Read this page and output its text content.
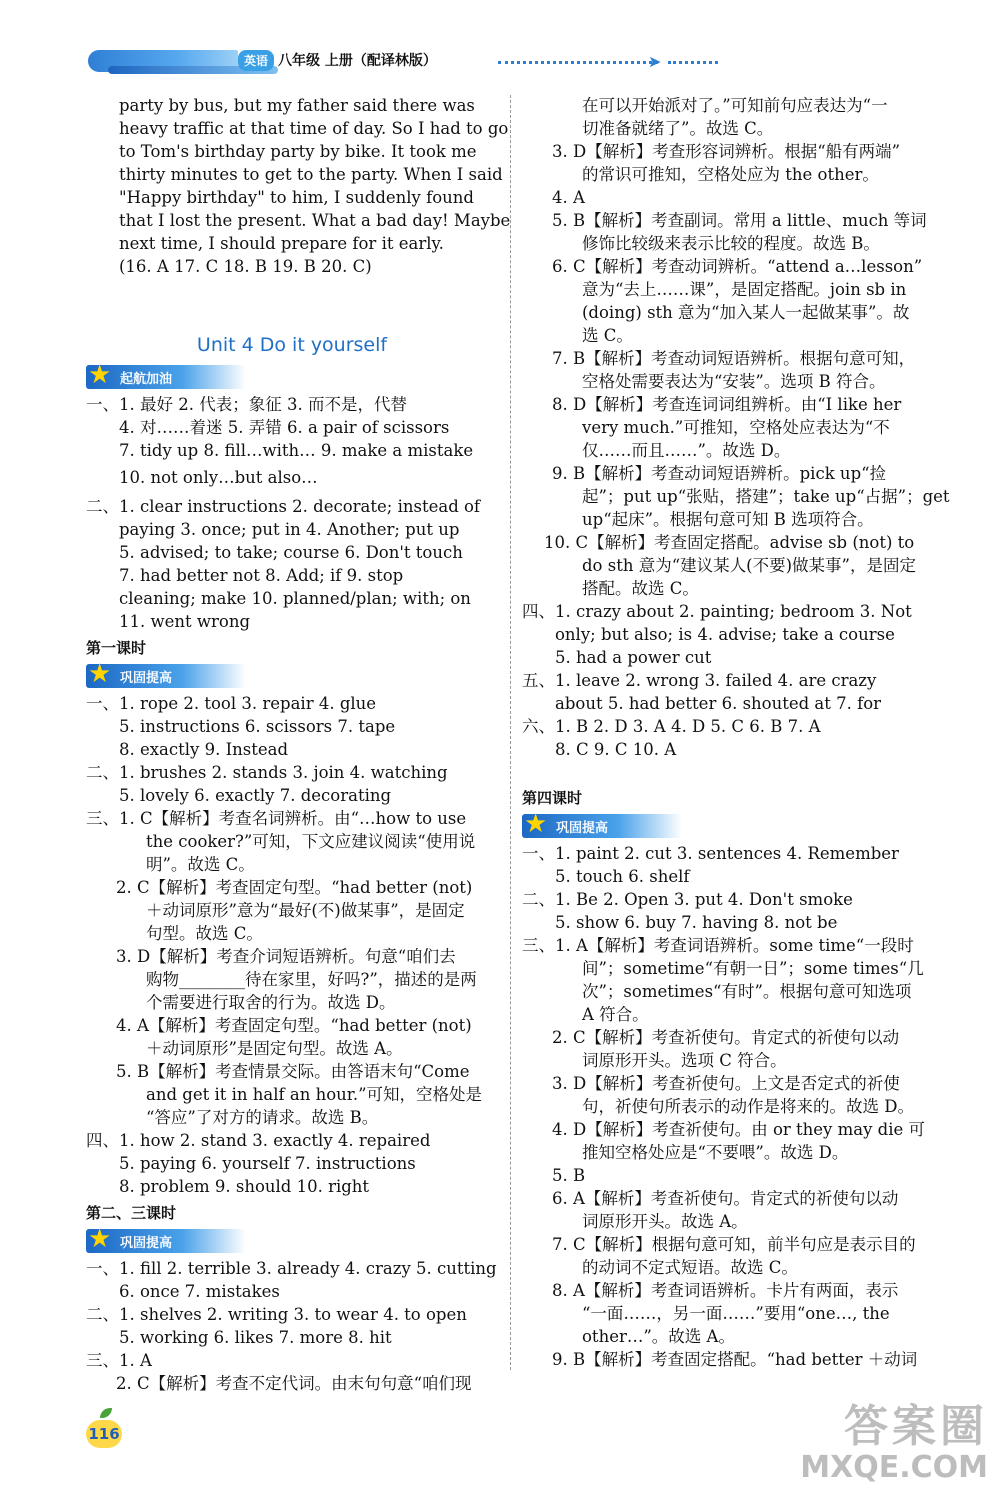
英语 八年级 上册（配译林版）	➤
party by bus, but my father said there was
heavy traffic at that time of day. So I had to go
to Tom's birthday party by bike. It took me
thirty minutes to get to the party. When I said
"Happy birthday" to him, I suddenly found
that I lost the present. What a bad day! Maybe
next time, I should prepare for it early.
(16. A 17. C 18. B 19. B 20. C)
Unit 4 Do it yourself
★ 起航加油
一、1. 最好 2. 代表；象征 3. 而不是，代替
4. 对……着迷 5. 弄错 6. a pair of scissors
7. tidy up 8. fill…with… 9. make a mistake
10. not only…but also…
二、1. clear instructions 2. decorate; instead of
paying 3. once; put in 4. Another; put up
5. advised; to take; course 6. Don't touch
7. had better not 8. Add; if 9. stop
cleaning; make 10. planned/plan; with; on
11. went wrong
第一课时
★ 巩固提高
一、1. rope 2. tool 3. repair 4. glue
5. instructions 6. scissors 7. tape
8. exactly 9. Instead
二、1. brushes 2. stands 3. join 4. watching
5. lovely 6. exactly 7. decorating
三、1. C【解析】考查名词辨析。由“…how to use
the cooker?”可知，下文应建议阅读“使用说
明”。故选 C。
2. C【解析】考查固定句型。“had better (not)
＋动词原形”意为“最好(不)做某事”，是固定
句型。故选 C。
3. D【解析】考查介词短语辨析。句意“咱们去
购物________待在家里，好吗?”，描述的是两
个需要进行取舍的行为。故选 D。
4. A【解析】考查固定句型。“had better (not)
＋动词原形”是固定句型。故选 A。
5. B【解析】考查情景交际。由答语末句“Come
and get it in half an hour.”可知，空格处是
“答应”了对方的请求。故选 B。
四、1. how 2. stand 3. exactly 4. repaired
5. paying 6. yourself 7. instructions
8. problem 9. should 10. right
第二、三课时
★ 巩固提高
一、1. fill 2. terrible 3. already 4. crazy 5. cutting
6. once 7. mistakes
二、1. shelves 2. writing 3. to wear 4. to open
5. working 6. likes 7. more 8. hit
三、1. A
2. C【解析】考查不定代词。由末句句意“咱们现
在可以开始派对了。”可知前句应表达为“一
切准备就绪了”。故选 C。
3. D【解析】考查形容词辨析。根据“船有两端”
的常识可推知，空格处应为 the other。
4. A
5. B【解析】考查副词。常用 a little、much 等词
修饰比较级来表示比较的程度。故选 B。
6. C【解析】考查动词辨析。“attend a…lesson”
意为“去上……课”，是固定搭配。join sb in
(doing) sth 意为“加入某人一起做某事”。故
选 C。
7. B【解析】考查动词短语辨析。根据句意可知，
空格处需要表达为“安装”。选项 B 符合。
8. D【解析】考查连词词组辨析。由“I like her
very much.”可推知，空格处应表达为“不
仅……而且……”。故选 D。
9. B【解析】考查动词短语辨析。pick up“捡
起”；put up“张贴，搭建”；take up“占据”；get
up“起床”。根据句意可知 B 选项符合。
10. C【解析】考查固定搭配。advise sb (not) to
do sth 意为“建议某人(不要)做某事”，是固定
搭配。故选 C。
四、1. crazy about 2. painting; bedroom 3. Not
only; but also; is 4. advise; take a course
5. had a power cut
五、1. leave 2. wrong 3. failed 4. are crazy
about 5. had better 6. shouted at 7. for
六、1. B 2. D 3. A 4. D 5. C 6. B 7. A
8. C 9. C 10. A
第四课时
★ 巩固提高
一、1. paint 2. cut 3. sentences 4. Remember
5. touch 6. shelf
二、1. Be 2. Open 3. put 4. Don't smoke
5. show 6. buy 7. having 8. not be
三、1. A【解析】考查词语辨析。some time“一段时
间”；sometime“有朝一日”；some times“几
次”；sometimes“有时”。根据句意可知选项
A 符合。
2. C【解析】考查祈使句。肯定式的祈使句以动
词原形开头。选项 C 符合。
3. D【解析】考查祈使句。上文是否定式的祈使
句，祈使句所表示的动作是将来的。故选 D。
4. D【解析】考查祈使句。由 or they may die 可
推知空格处应是“不要喂”。故选 D。
5. B
6. A【解析】考查祈使句。肯定式的祈使句以动
词原形开头。故选 A。
7. C【解析】根据句意可知，前半句应是表示目的
的动词不定式短语。故选 C。
8. A【解析】考查词语辨析。卡片有两面，表示
“一面……，另一面……”要用“one…, the
other…”。故选 A。
9. B【解析】考查固定搭配。“had better ＋动词
116	答案圈
MXQE.COM
